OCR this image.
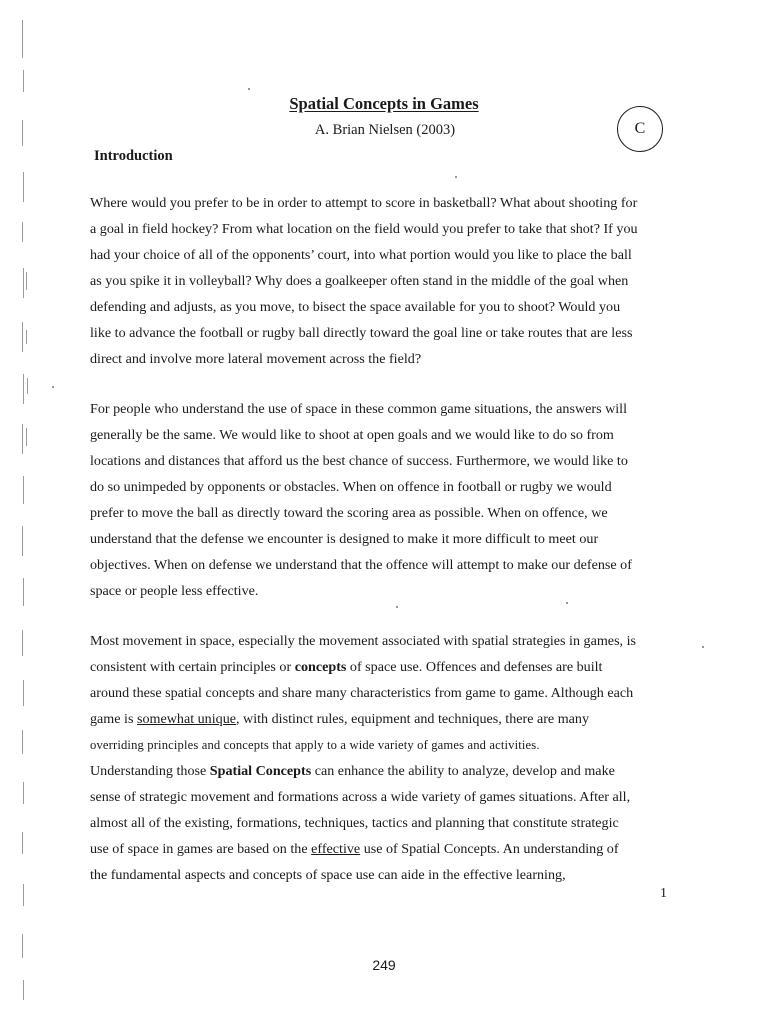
Spatial Concepts in Games
A. Brian Nielsen (2003)	C
Introduction
Where would you prefer to be in order to attempt to score in basketball? What about shooting for
a goal in field hockey? From what location on the field would you prefer to take that shot? If you
had your choice of all of the opponents’ court, into what portion would you like to place the ball
as you spike it in volleyball? Why does a goalkeeper often stand in the middle of the goal when
defending and adjusts, as you move, to bisect the space available for you to shoot? Would you
like to advance the football or rugby ball directly toward the goal line or take routes that are less
direct and involve more lateral movement across the field?
For people who understand the use of space in these common game situations, the answers will
generally be the same. We would like to shoot at open goals and we would like to do so from
locations and distances that afford us the best chance of success. Furthermore, we would like to
do so unimpeded by opponents or obstacles. When on offence in football or rugby we would
prefer to move the ball as directly toward the scoring area as possible. When on offence, we
understand that the defense we encounter is designed to make it more difficult to meet our
objectives. When on defense we understand that the offence will attempt to make our defense of
space or people less effective.
Most movement in space, especially the movement associated with spatial strategies in games, is
consistent with certain principles or concepts of space use. Offences and defenses are built
around these spatial concepts and share many characteristics from game to game. Although each
game is somewhat unique, with distinct rules, equipment and techniques, there are many
overriding principles and concepts that apply to a wide variety of games and activities.
Understanding those Spatial Concepts can enhance the ability to analyze, develop and make
sense of strategic movement and formations across a wide variety of games situations. After all,
almost all of the existing, formations, techniques, tactics and planning that constitute strategic
use of space in games are based on the effective use of Spatial Concepts. An understanding of
the fundamental aspects and concepts of space use can aide in the effective learning,
1
249
